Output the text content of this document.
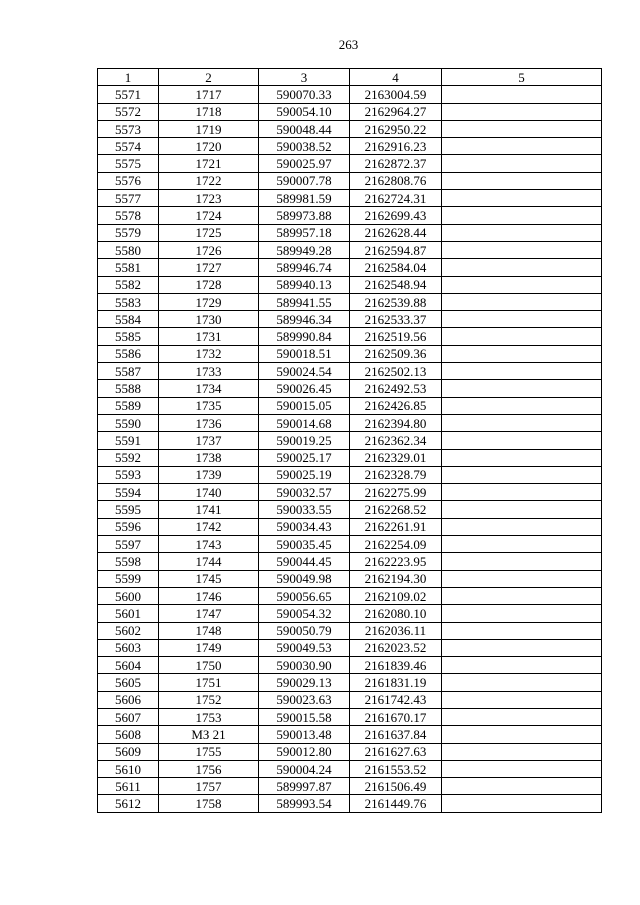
263
1	2	3	4	5
5571	1717	590070.33	2163004.59	
5572	1718	590054.10	2162964.27	
5573	1719	590048.44	2162950.22	
5574	1720	590038.52	2162916.23	
5575	1721	590025.97	2162872.37	
5576	1722	590007.78	2162808.76	
5577	1723	589981.59	2162724.31	
5578	1724	589973.88	2162699.43	
5579	1725	589957.18	2162628.44	
5580	1726	589949.28	2162594.87	
5581	1727	589946.74	2162584.04	
5582	1728	589940.13	2162548.94	
5583	1729	589941.55	2162539.88	
5584	1730	589946.34	2162533.37	
5585	1731	589990.84	2162519.56	
5586	1732	590018.51	2162509.36	
5587	1733	590024.54	2162502.13	
5588	1734	590026.45	2162492.53	
5589	1735	590015.05	2162426.85	
5590	1736	590014.68	2162394.80	
5591	1737	590019.25	2162362.34	
5592	1738	590025.17	2162329.01	
5593	1739	590025.19	2162328.79	
5594	1740	590032.57	2162275.99	
5595	1741	590033.55	2162268.52	
5596	1742	590034.43	2162261.91	
5597	1743	590035.45	2162254.09	
5598	1744	590044.45	2162223.95	
5599	1745	590049.98	2162194.30	
5600	1746	590056.65	2162109.02	
5601	1747	590054.32	2162080.10	
5602	1748	590050.79	2162036.11	
5603	1749	590049.53	2162023.52	
5604	1750	590030.90	2161839.46	
5605	1751	590029.13	2161831.19	
5606	1752	590023.63	2161742.43	
5607	1753	590015.58	2161670.17	
5608	МЗ 21	590013.48	2161637.84	
5609	1755	590012.80	2161627.63	
5610	1756	590004.24	2161553.52	
5611	1757	589997.87	2161506.49	
5612	1758	589993.54	2161449.76	
